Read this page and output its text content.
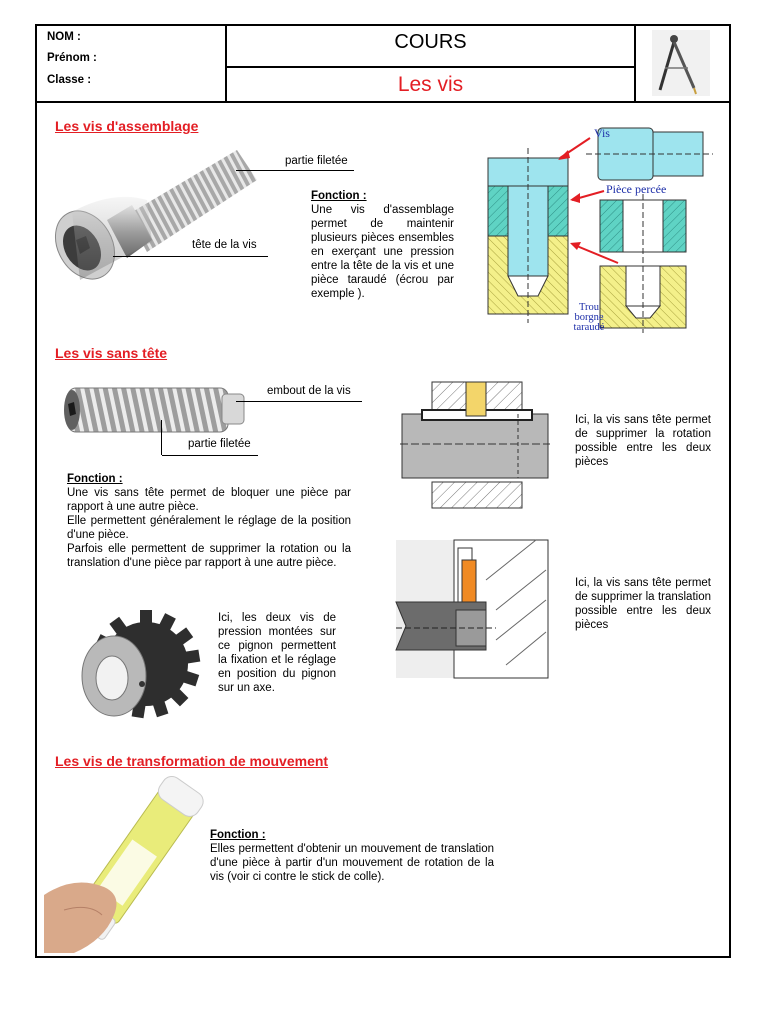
NOM :
Prénom :
Classe :
COURS
Les vis
Les vis d'assemblage
partie filetée
tête de la vis
Fonction :
Une vis d'assemblage permet de maintenir plusieurs pièces ensembles en exerçant une pression entre la tête de la vis et une pièce taraudé (écrou par exemple ).
Vis
Pièce percée
Trou
borgne
taraudé
Les vis sans tête
embout de la vis
partie filetée
Fonction :
Une vis sans tête permet de bloquer une pièce par rapport à une autre pièce.
Elle permettent généralement le réglage de la position d'une pièce.
Parfois elle permettent de supprimer la rotation ou la translation d'une pièce par rapport à une autre pièce.
Ici, les deux vis de pression montées sur ce pignon permettent la fixation et le réglage en position du pignon sur un axe.
Ici, la vis sans tête permet de supprimer la rotation possible entre les deux pièces
Ici, la vis sans tête permet de supprimer la translation possible entre les deux pièces
Les vis de transformation de mouvement
Fonction :
Elles permettent d'obtenir un mouvement de translation d'une pièce à partir d'un mouvement de rotation de la vis (voir ci contre le stick de colle).
